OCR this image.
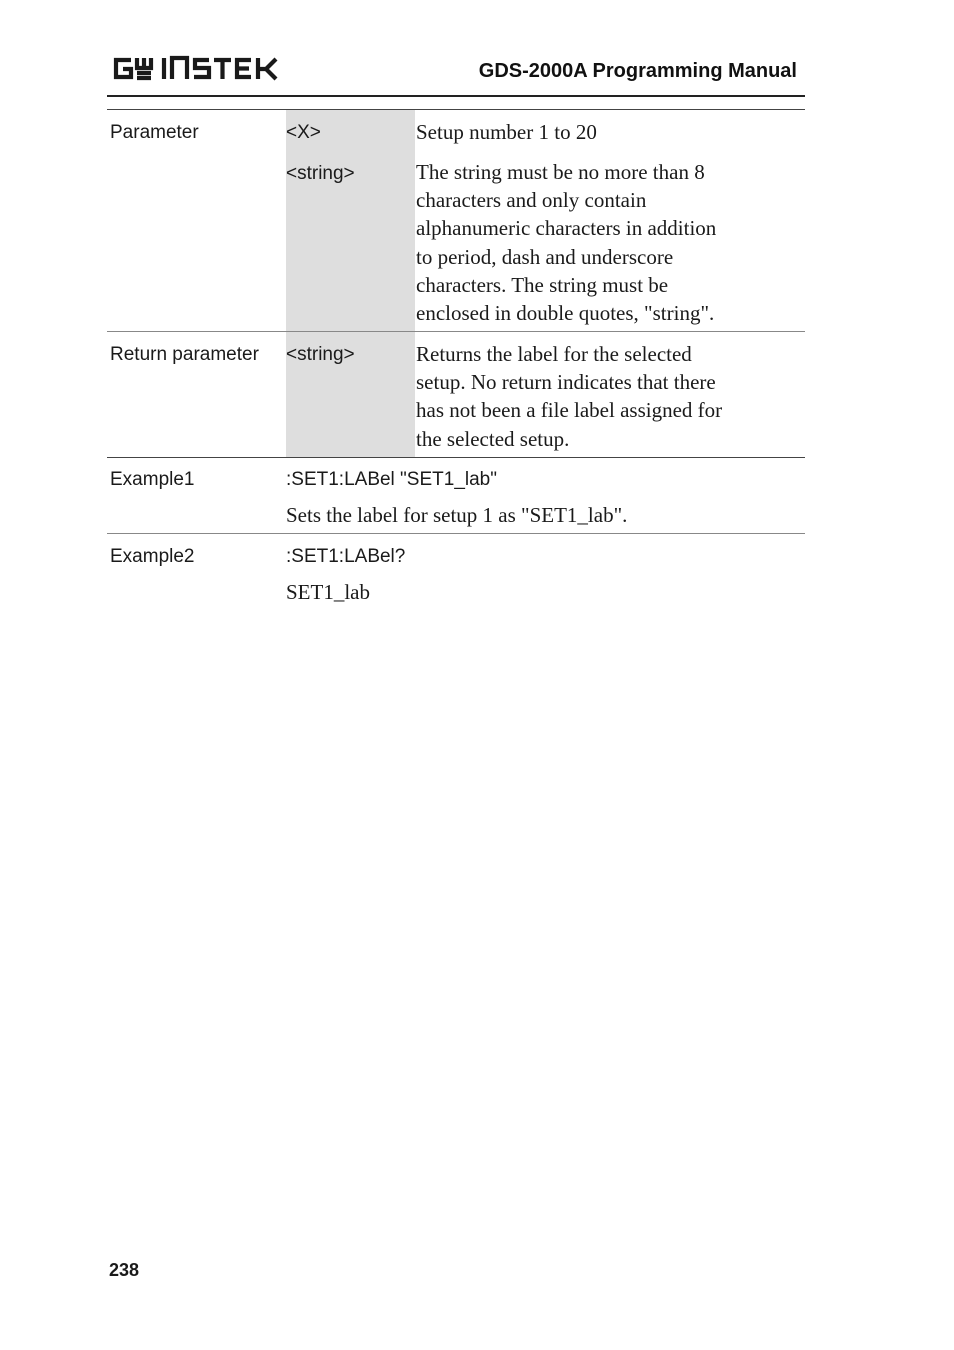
GDS-2000A Programming Manual
Parameter	<X>	Setup number 1 to 20
<string>	The string must be no more than 8
characters and only contain
alphanumeric characters in addition
to period, dash and underscore
characters. The string must be
enclosed in double quotes, "string".
Return parameter <string>	Returns the label for the selected
setup. No return indicates that there
has not been a file label assigned for
the selected setup.
Example1	:SET1:LABel "SET1_lab"
Sets the label for setup 1 as "SET1_lab".
Example2	:SET1:LABel?
SET1_lab
238
